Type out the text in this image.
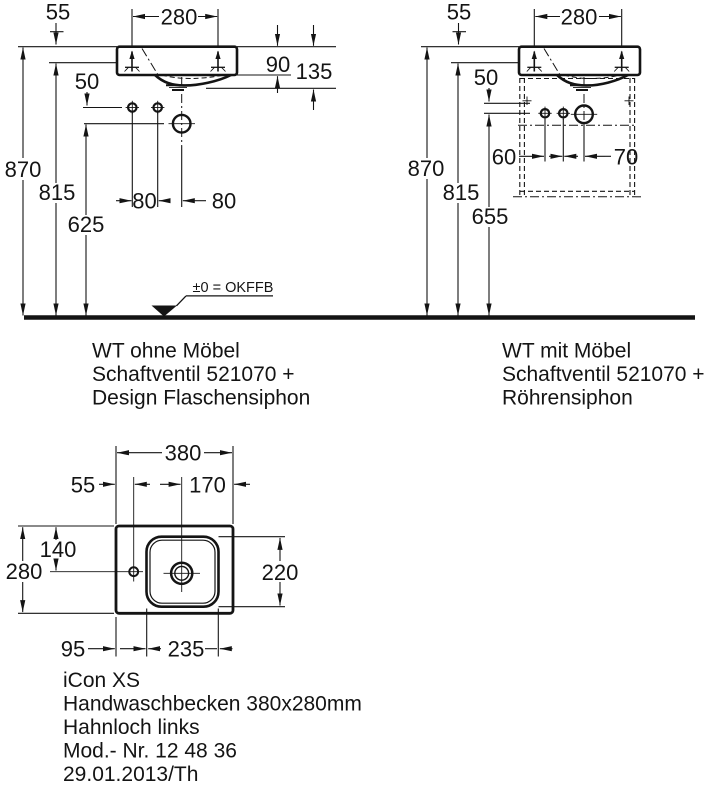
280
55
50
80	80
90 135
870
815
625
280
55
50
60	70
870
815
655
±0 = OKFFB
WT ohne Möbel
Schaftventil 521070 +
Design Flaschensiphon
WT mit Möbel
Schaftventil 521070 +
Röhrensiphon
380
55	170
140
280	220
95	235
iCon XS
Handwaschbecken 380x280mm
Hahnloch links
Mod.- Nr. 12 48 36
29.01.2013/Th
